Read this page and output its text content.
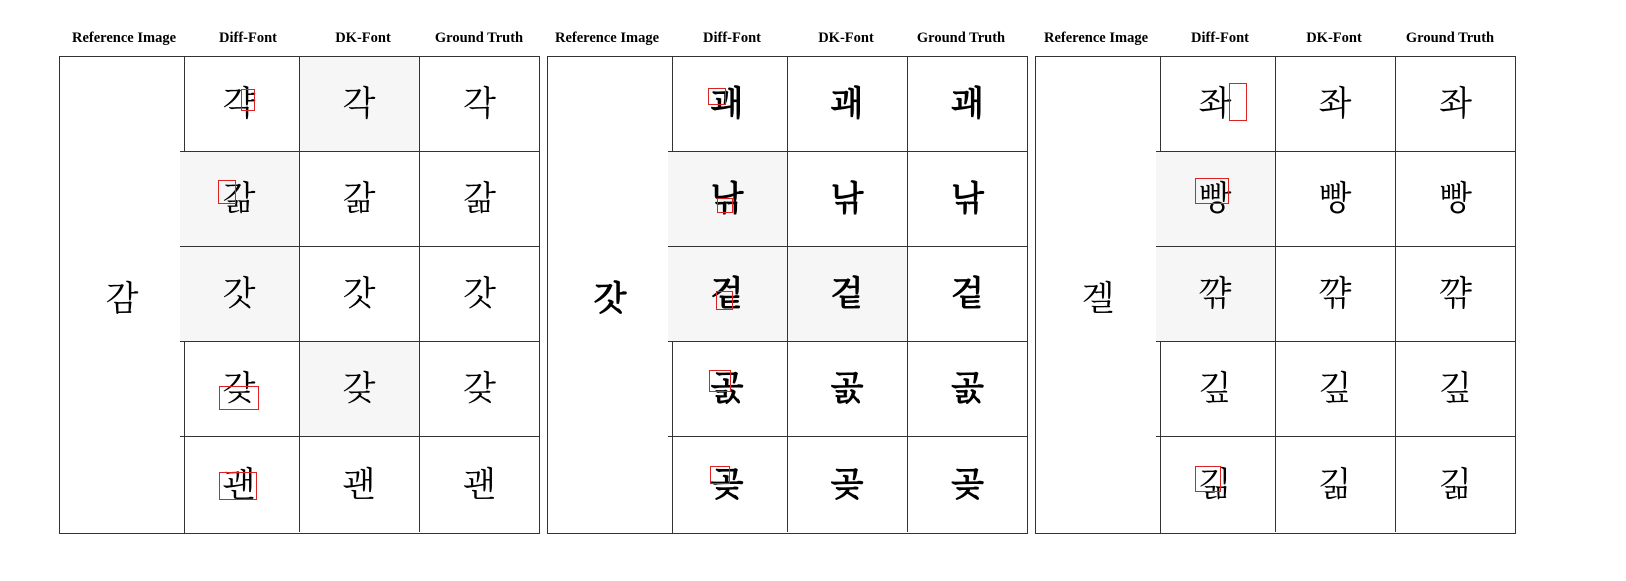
Reference Image	Diff-Font	DK-Font	Ground Truth
감
갹	각	각
갊	갊	갊
갓	갓	갓
갖	갖	갖
괜	괜	괜
Reference Image	Diff-Font	DK-Font	Ground Truth
갓
괘	괘	괘
낚	낚	낚
겉	겉	겉
곬	곬	곬
곶	곶	곶
Reference Image	Diff-Font	DK-Font	Ground Truth
겔
좌	좌	좌
빵	빵	빵
꺆	꺆	꺆
깊	깊	깊
긺	긺	긺
